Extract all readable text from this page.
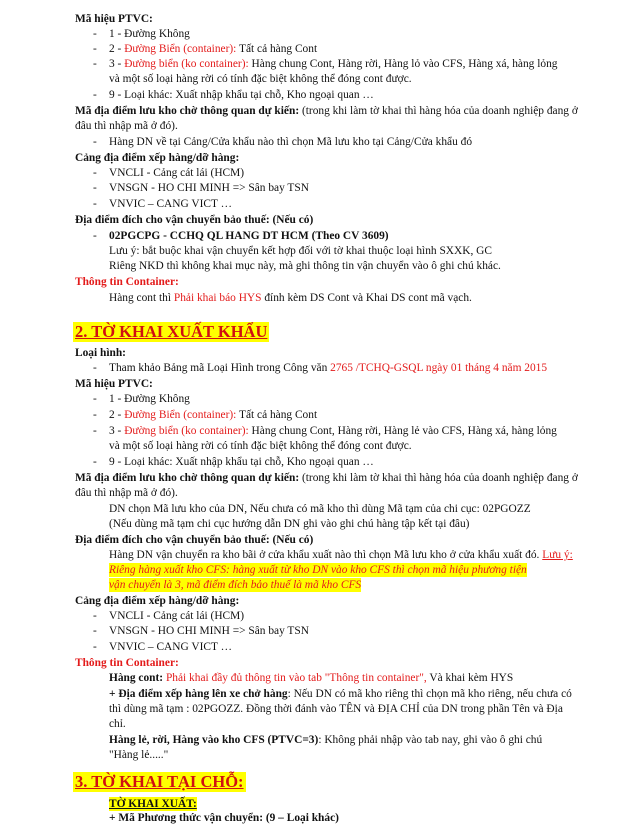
Mã hiệu PTVC:
- 1 - Đường Không
- 2 - Đường Biển (container): Tất cả hàng Cont
- 3 - Đường biển (ko container): Hàng chung Cont, Hàng rời, Hàng lỏ vào CFS, Hàng xá, hàng lỏng
và một số loại hàng rời có tính đặc biệt không thể đóng cont được.
- 9 - Loại khác: Xuất nhập khẩu tại chỗ, Kho ngoại quan …
Mã địa điểm lưu kho chờ thông quan dự kiến: (trong khi làm tờ khai thì hàng hóa của doanh nghiệp đang ở
đâu thì nhập mã ở đó).
- Hàng DN về tại Cảng/Cửa khẩu nào thì chọn Mã lưu kho tại Cảng/Cửa khẩu đó
Cảng địa điểm xếp hàng/dỡ hàng:
- VNCLI - Cảng cát lái (HCM)
- VNSGN - HO CHI MINH => Sân bay TSN
- VNVIC – CANG VICT …
Địa điểm đích cho vận chuyển bảo thuế: (Nếu có)
- 02PGCPG - CCHQ QL HANG DT HCM (Theo CV 3609)
Lưu ý: bắt buộc khai vận chuyển kết hợp đối với tờ khai thuộc loại hình SXXK, GC
Riêng NKD thì không khai mục này, mà ghi thông tin vận chuyển vào ô ghi chú khác.
Thông tin Container:
Hàng cont thì Phải khai báo HYS đính kèm DS Cont và Khai DS cont mã vạch.
2. TỜ KHAI XUẤT KHẨU
Loại hình:
- Tham khảo Bảng mã Loại Hình trong Công văn 2765 /TCHQ-GSQL ngày 01 tháng 4 năm 2015
Mã hiệu PTVC:
- 1 - Đường Không
- 2 - Đường Biển (container): Tất cả hàng Cont
- 3 - Đường biển (ko container): Hàng chung Cont, Hàng rời, Hàng lẻ vào CFS, Hàng xá, hàng lỏng
và một số loại hàng rời có tính đặc biệt không thể đóng cont được.
- 9 - Loại khác: Xuất nhập khẩu tại chỗ, Kho ngoại quan …
Mã địa điểm lưu kho chờ thông quan dự kiến: (trong khi làm tờ khai thì hàng hóa của doanh nghiệp đang ở
đâu thì nhập mã ở đó).
DN chọn Mã lưu kho của DN, Nếu chưa có mã kho thì dùng Mã tạm của chi cục: 02PGOZZ
(Nếu dùng mã tạm chi cục hướng dẫn DN ghi vào ghi chú hàng tập kết tại đâu)
Địa điểm đích cho vận chuyển bảo thuế: (Nếu có)
Hàng DN vận chuyển ra kho bãi ở cửa khẩu xuất nào thì chọn Mã lưu kho ở cửa khẩu xuất đó. Lưu ý:
Riêng hàng xuất kho CFS: hàng xuất từ kho DN vào kho CFS thì chọn mã hiệu phương tiện
vận chuyển là 3, mã điểm đích bảo thuế là mã kho CFS
Cảng địa điểm xếp hàng/dỡ hàng:
- VNCLI - Cảng cát lái (HCM)
- VNSGN - HO CHI MINH => Sân bay TSN
- VNVIC – CANG VICT …
Thông tin Container:
Hàng cont: Phải khai đầy đủ thông tin vào tab "Thông tin container", Và khai kèm HYS
+ Địa điểm xếp hàng lên xe chở hàng: Nếu DN có mã kho riêng thì chọn mã kho riêng, nếu chưa có
thì dùng mã tạm : 02PGOZZ. Đồng thời đánh vào TÊN và ĐỊA CHỈ của DN trong phần Tên và Địa
chỉ.
Hàng lẻ, rời, Hàng vào kho CFS (PTVC=3): Không phải nhập vào tab nay, ghi vào ô ghi chú
"Hàng lẻ....."
3. TỜ KHAI TẠI CHỖ:
TỜ KHAI XUẤT:
+ Mã Phương thức vận chuyển: (9 – Loại khác)
